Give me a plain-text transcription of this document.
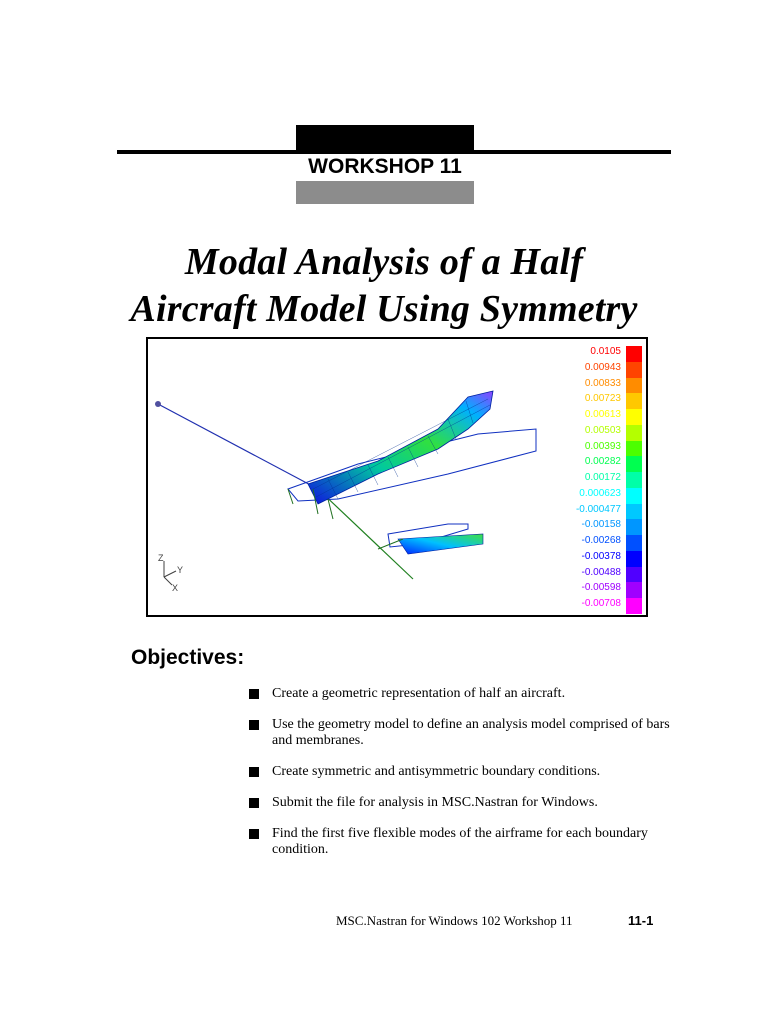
WORKSHOP 11
Modal Analysis of a Half
Aircraft Model Using Symmetry
Z
Y
X
0.0105
0.00943
0.00833
0.00723
0.00613
0.00503
0.00393
0.00282
0.00172
0.000623
-0.000477
-0.00158
-0.00268
-0.00378
-0.00488
-0.00598
-0.00708
Objectives:
Create a geometric representation of half an aircraft.
Use the geometry model to define an analysis model comprised of bars and membranes.
Create symmetric and antisymmetric boundary conditions.
Submit the file for analysis in MSC.Nastran for Windows.
Find the first five flexible modes of the airframe for each boundary condition.
MSC.Nastran for Windows 102 Workshop 11	11-1
